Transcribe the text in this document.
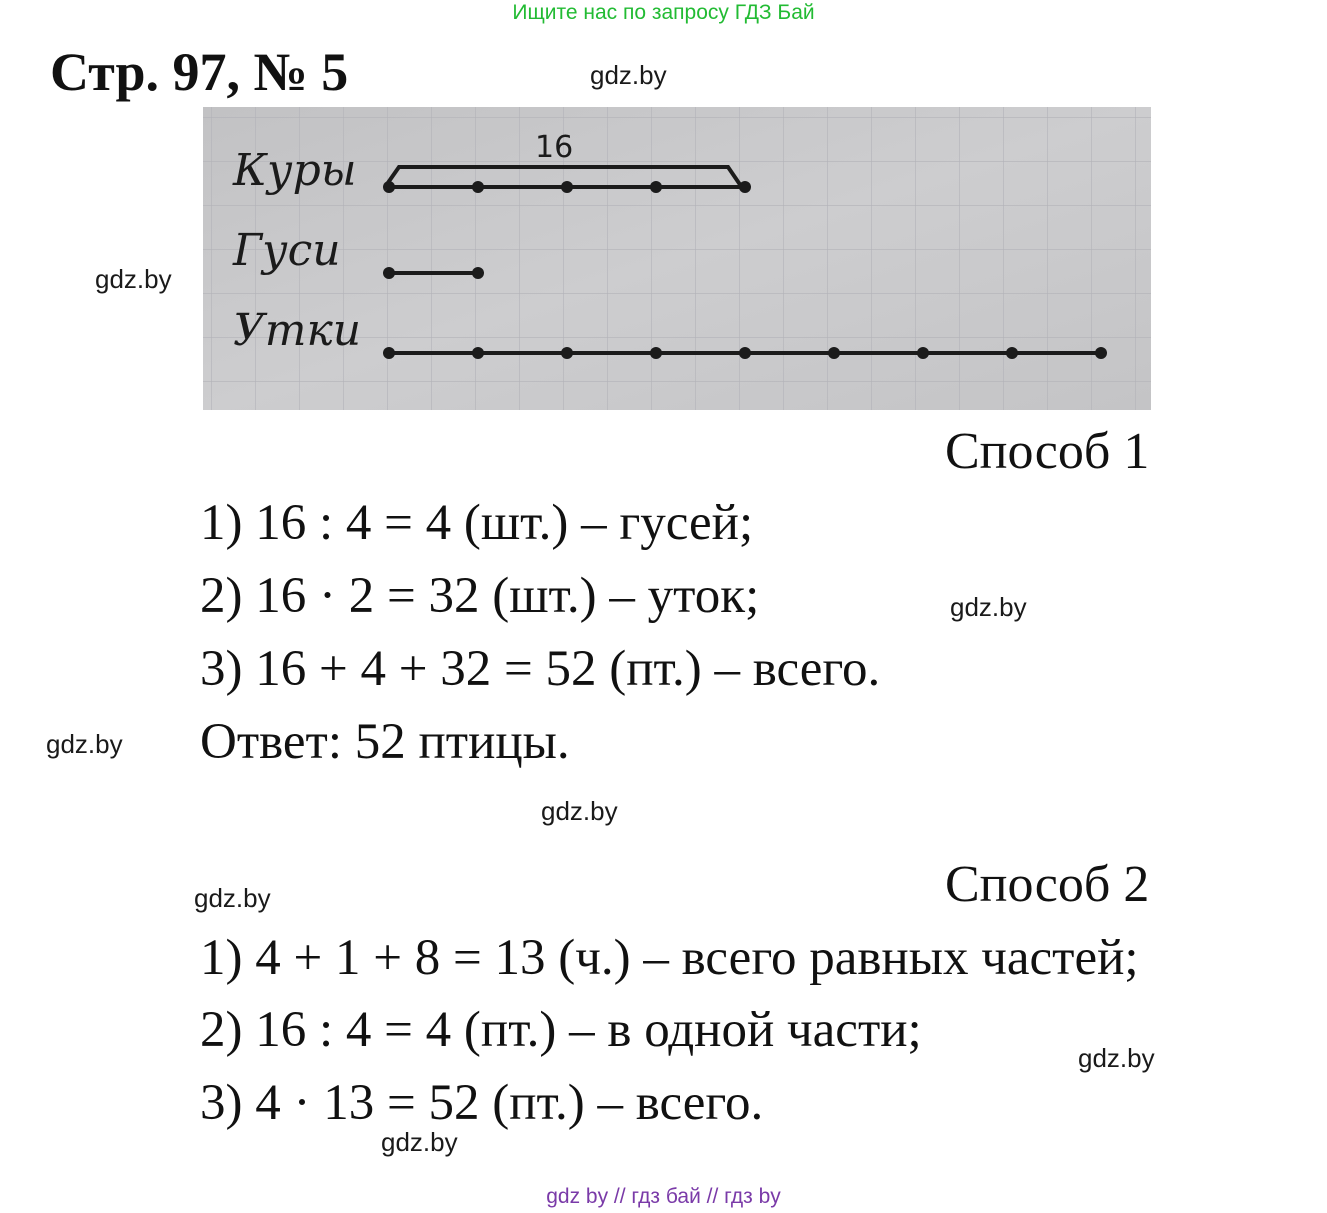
Ищите нас по запросу ГДЗ Бай
Стр. 97, № 5	gdz.by
gdz.by
gdz.by
gdz.by
gdz.by
gdz.by
gdz.by
gdz.by
Куры
Гуси
Утки
16
Способ 1
1) 16 : 4 = 4 (шт.) – гусей;
2) 16 · 2 = 32 (шт.) – уток;
3) 16 + 4 + 32 = 52 (пт.) – всего.
Ответ: 52 птицы.
Способ 2
1) 4 + 1 + 8 = 13 (ч.) – всего равных частей;
2) 16 : 4 = 4 (пт.) – в одной части;
3) 4 · 13 = 52 (пт.) – всего.
gdz by // гдз бай // гдз by
